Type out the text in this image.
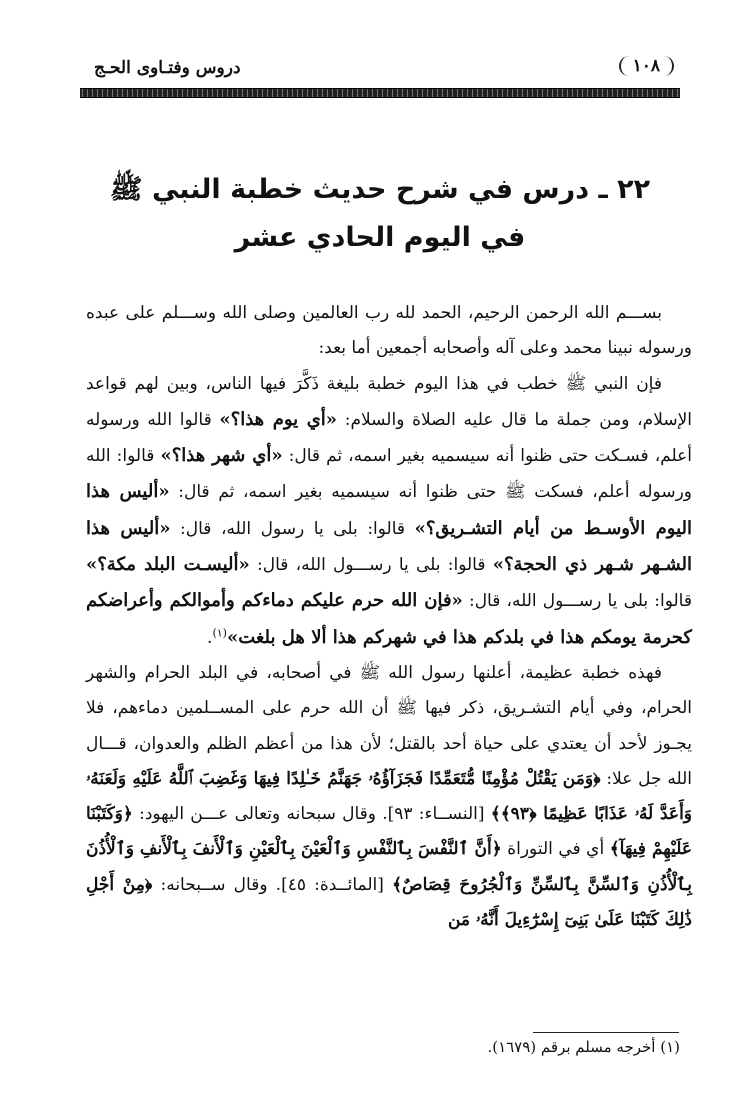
دروس وفتـاوى الحـج	١٠٨
٢٢ ـ درس في شرح حديث خطبة النبي ﷺ
في اليوم الحادي عشر

بســـم الله الرحمن الرحيم، الحمد لله رب العالمين وصلى الله وســـلم على عبده ورسوله نبينا محمد وعلى آله وأصحابه أجمعين أما بعد:

فإن النبي ﷺ خطب في هذا اليوم خطبة بليغة ذَكَّرَ فيها الناس، وبين لهم قواعد الإسلام، ومن جملة ما قال عليه الصلاة والسلام: «أي يوم هذا؟» قالوا الله ورسوله أعلم، فسـكت حتى ظنوا أنه سيسميه بغير اسمه، ثم قال: «أي شهر هذا؟» قالوا: الله ورسوله أعلم، فسكت ﷺ حتى ظنوا أنه سيسميه بغير اسمه، ثم قال: «أليس هذا اليوم الأوسـط من أيام التشـريق؟» قالوا: بلى يا رسول الله، قال: «أليس هذا الشـهر شـهر ذي الحجة؟» قالوا: بلى يا رســـول الله، قال: «أليسـت البلد مكة؟» قالوا: بلى يا رســـول الله، قال: «فإن الله حرم عليكم دماءكم وأموالكم وأعراضكم كحرمة يومكم هذا في بلدكم هذا في شهركم هذا ألا هل بلغت»$^{(١)}$.

فهذه خطبة عظيمة، أعلنها رسول الله ﷺ في أصحابه، في البلد الحرام والشهر الحرام، وفي أيام التشـريق، ذكر فيها ﷺ أن الله حرم على المســلمين دماءهم، فلا يجـوز لأحد أن يعتدي على حياة أحد بالقتل؛ لأن هذا من أعظم الظلم والعدوان، قـــال الله جل علا: ﴿وَمَن يَقْتُلْ مُؤْمِنًا مُّتَعَمِّدًا فَجَزَآؤُهُۥ جَهَنَّمُ خَـٰلِدًا فِيهَا وَغَضِبَ ٱللَّهُ عَلَيْهِ وَلَعَنَهُۥ وَأَعَدَّ لَهُۥ عَذَابًا عَظِيمًا ﴿٩٣﴾﴾ [النســاء: ٩٣]. وقال سبحانه وتعالى عـــن اليهود: ﴿وَكَتَبْنَا عَلَيْهِمْ فِيهَآ﴾ أي في التوراة ﴿أَنَّ ٱلنَّفْسَ بِٱلنَّفْسِ وَٱلْعَيْنَ بِٱلْعَيْنِ وَٱلْأَنفَ بِٱلْأَنفِ وَٱلْأُذُنَ بِٱلْأُذُنِ وَٱلسِّنَّ بِٱلسِّنِّ وَٱلْجُرُوحَ قِصَاصٌ﴾ [المائــدة: ٤٥]. وقال ســبحانه: ﴿مِنْ أَجْلِ ذَٰلِكَ كَتَبْنَا عَلَىٰ بَنِىٓ إِسْرَٰٓءِيلَ أَنَّهُۥ مَن

(١) أخرجه مسلم برقم (١٦٧٩).
